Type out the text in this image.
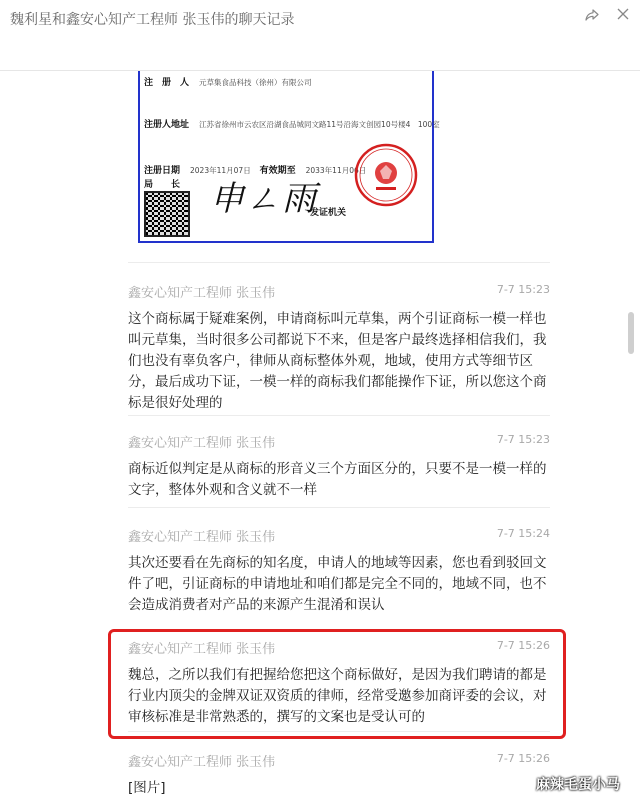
魏利星和鑫安心知产工程师 张玉伟的聊天记录
注　册　人 元草集食品科技（徐州）有限公司
注册人地址 江苏省徐州市云农区沿湖食品城同文路11号沿海文创园10号楼4　100室
注册日期 2023年11月07日 有效期至 2033年11月06日
局　　长 申ㄥ雨
发证机关
鑫安心知产工程师 张玉伟	7-7 15:23
这个商标属于疑难案例，申请商标叫元草集，两个引证商标一模一样也叫元草集，当时很多公司都说下不来，但是客户最终选择相信我们，我们也没有辜负客户，律师从商标整体外观，地域，使用方式等细节区分，最后成功下证，一模一样的商标我们都能操作下证，所以您这个商标是很好处理的
鑫安心知产工程师 张玉伟	7-7 15:23
商标近似判定是从商标的形音义三个方面区分的，只要不是一模一样的文字，整体外观和含义就不一样
鑫安心知产工程师 张玉伟	7-7 15:24
其次还要看在先商标的知名度，申请人的地域等因素，您也看到驳回文件了吧，引证商标的申请地址和咱们都是完全不同的，地域不同，也不会造成消费者对产品的来源产生混淆和误认
鑫安心知产工程师 张玉伟	7-7 15:26
魏总，之所以我们有把握给您把这个商标做好，是因为我们聘请的都是行业内顶尖的金牌双证双资质的律师，经常受邀参加商评委的会议，对审核标准是非常熟悉的，撰写的文案也是受认可的
鑫安心知产工程师 张玉伟	7-7 15:26
[图片]	麻辣毛蛋小马
